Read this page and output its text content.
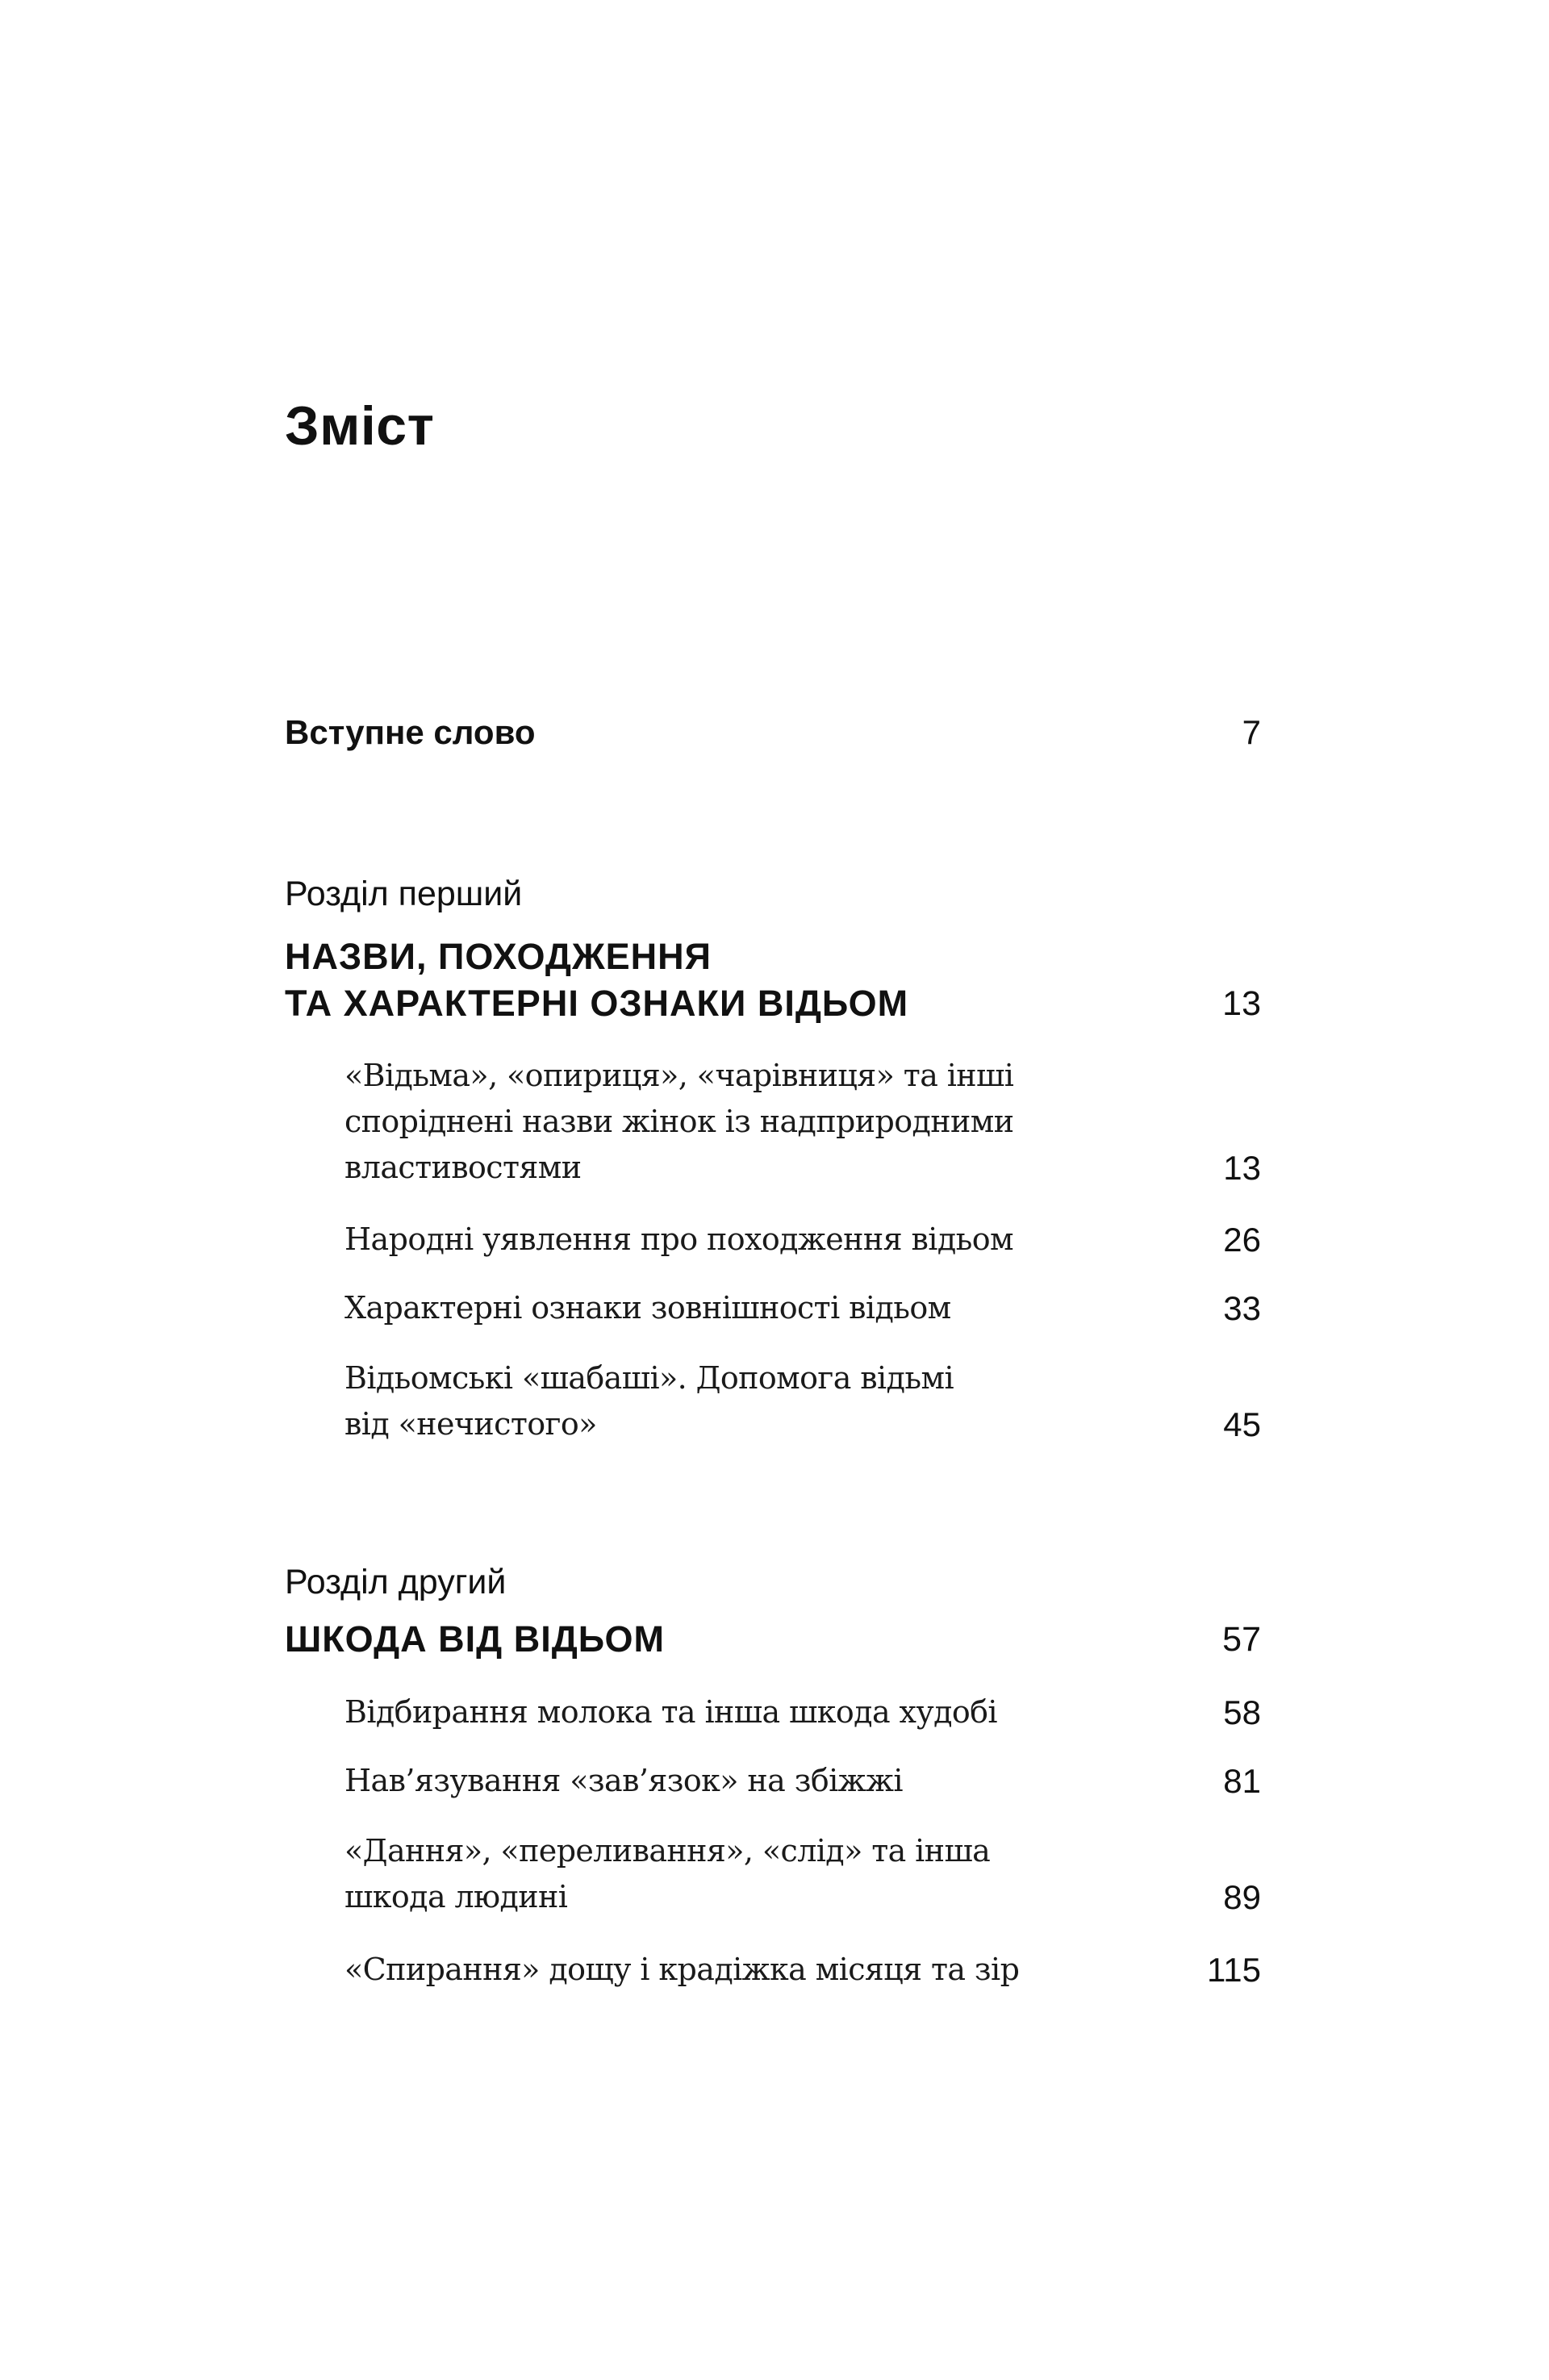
Зміст
Вступне слово	7
Розділ перший
НАЗВИ, ПОХОДЖЕННЯ
ТА ХАРАКТЕРНІ ОЗНАКИ ВІДЬОМ	13
«Відьма», «опириця», «чарівниця» та інші
споріднені назви жінок із надприродними
властивостями	13
Народні уявлення про походження відьом	26
Характерні ознаки зовнішності відьом	33
Відьомські «шабаші». Допомога відьмі
від «нечистого»	45
Розділ другий
ШКОДА ВІД ВІДЬОМ	57
Відбирання молока та інша шкода худобі	58
Нав’язування «зав’язок» на збіжжі	81
«Дання», «переливання», «слід» та інша
шкода людині	89
«Спирання» дощу і крадіжка місяця та зір	115
